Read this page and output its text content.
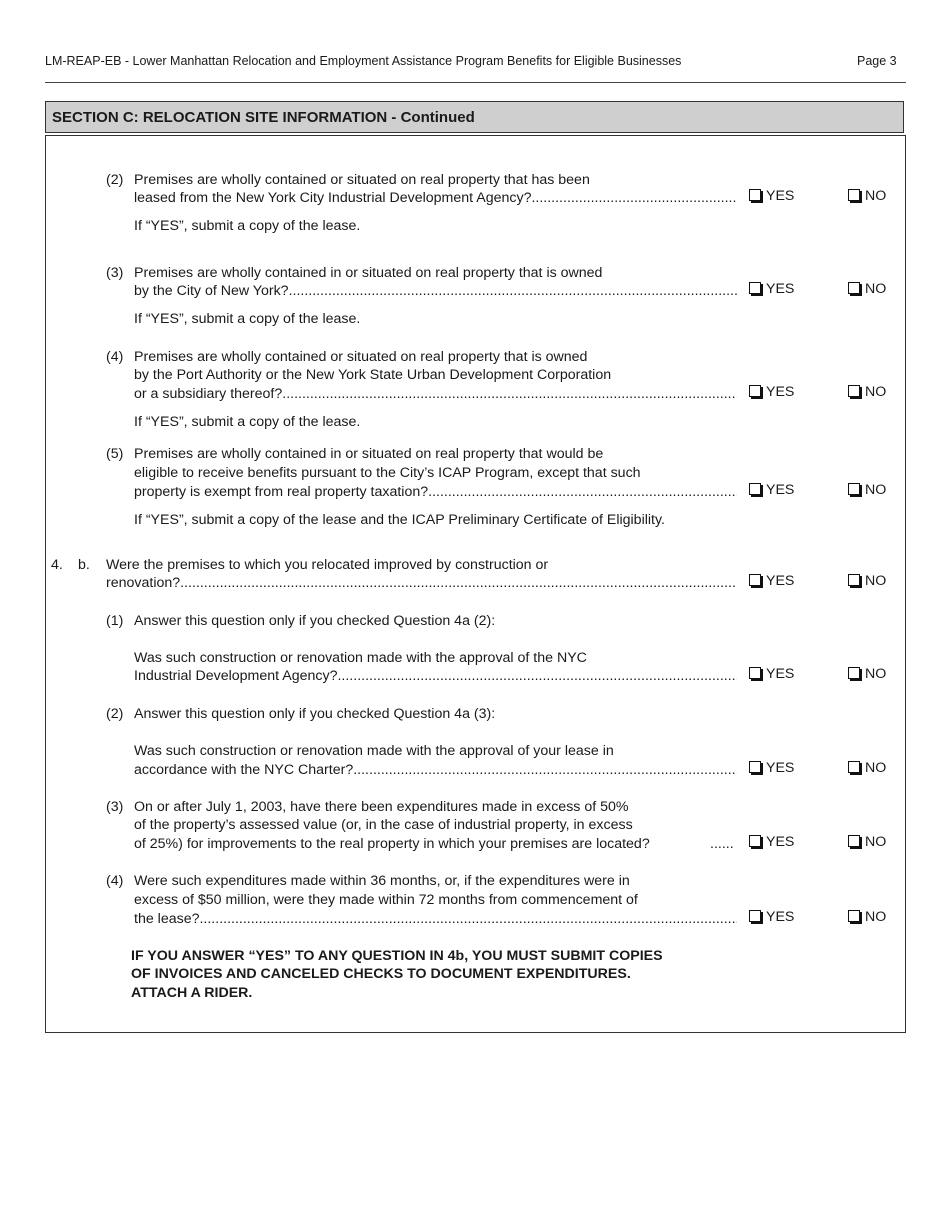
LM-REAP-EB - Lower Manhattan Relocation and Employment Assistance Program Benefits for Eligible Businesses	Page 3
SECTION C: RELOCATION SITE INFORMATION - Continued
(2) Premises are wholly contained or situated on real property that has been
leased from the New York City Industrial Development Agency? .....	YES	NO
If “YES”, submit a copy of the lease.
(3) Premises are wholly contained in or situated on real property that is owned
by the City of New York? .....	YES	NO
If “YES”, submit a copy of the lease.
(4) Premises are wholly contained or situated on real property that is owned
by the Port Authority or the New York State Urban Development Corporation
or a subsidiary thereof? .....	YES	NO
If “YES”, submit a copy of the lease.
(5) Premises are wholly contained in or situated on real property that would be
eligible to receive benefits pursuant to the City’s ICAP Program, except that such
property is exempt from real property taxation? .....	YES	NO
If “YES”, submit a copy of the lease and the ICAP Preliminary Certificate of Eligibility.
4. b. Were the premises to which you relocated improved by construction or
renovation? .....	YES	NO
(1) Answer this question only if you checked Question 4a (2):
Was such construction or renovation made with the approval of the NYC
Industrial Development Agency? .....	YES	NO
(2) Answer this question only if you checked Question 4a (3):
Was such construction or renovation made with the approval of your lease in
accordance with the NYC Charter? .....	YES	NO
(3) On or after July 1, 2003, have there been expenditures made in excess of 50%
of the property’s assessed value (or, in the case of industrial property, in excess
of 25%) for improvements to the real property in which your premises are located?	......	YES	NO
(4) Were such expenditures made within 36 months, or, if the expenditures were in
excess of $50 million, were they made within 72 months from commencement of
the lease? .....	YES	NO
IF YOU ANSWER “YES” TO ANY QUESTION IN 4b, YOU MUST SUBMIT COPIES
OF INVOICES AND CANCELED CHECKS TO DOCUMENT EXPENDITURES.
ATTACH A RIDER.
